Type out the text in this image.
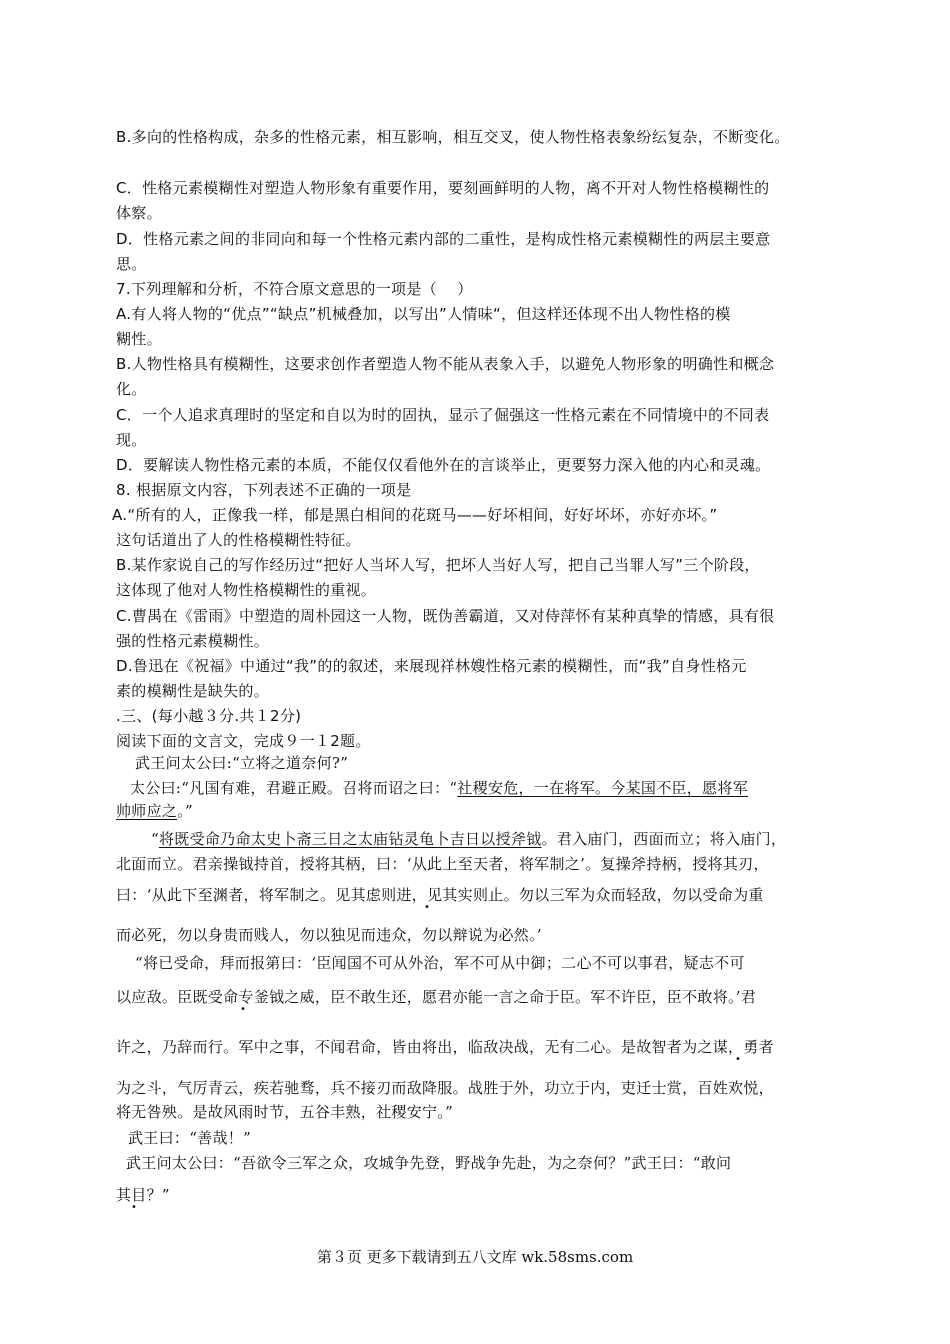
B.多向的性格构成，杂多的性格元素，相互影响，相互交叉，使人物性格表象纷纭复杂，不断变化。
C．性格元素模糊性对塑造人物形象有重要作用，要刻画鲜明的人物，离不开对人物性格模糊性的
体察。
D．性格元素之间的非同向和每一个性格元素内部的二重性，是构成性格元素模糊性的两层主要意
思。
7.下列理解和分析，不符合原文意思的一项是（　 ）
A.有人将人物的“优点”“缺点”机械叠加，以写出”人情味“，但这样还体现不出人物性格的模
糊性。
B.人物性格具有模糊性，这要求创作者塑造人物不能从表象入手，以避免人物形象的明确性和概念
化。
C．一个人追求真理时的坚定和自以为时的固执，显示了倔强这一性格元素在不同情境中的不同表
现。
D．要解读人物性格元素的本质，不能仅仅看他外在的言谈举止，更要努力深入他的内心和灵魂。
8. 根据原文内容，下列表述不正确的一项是
A.“所有的人，正像我一样，郁是黑白相间的花斑马——好坏相间，好好坏坏，亦好亦坏。”
这句话道出了人的性格模糊性特征。
B.某作家说自己的写作经历过“把好人当坏人写，把坏人当好人写，把自己当罪人写”三个阶段，
这体现了他对人物性格模糊性的重视。
C.曹禺在《雷雨》中塑造的周朴园这一人物，既伪善霸道，又对侍萍怀有某种真挚的情感，具有很
强的性格元素模糊性。
D.鲁迅在《祝福》中通过“我”的的叙述，来展现祥林嫂性格元素的模糊性，而“我”自身性格元
素的模糊性是缺失的。
.三、(每小越３分.共１2分)
阅读下面的文言文，完成９一１2题。
武王问太公曰:“立将之道奈何?”
太公曰:“凡国有难，君避正殿。召将而诏之曰：“社稷安危，一在将军。今某国不臣，愿将军
帅师应之。”
“将既受命乃命太史卜斋三日之太庙钻灵龟卜吉日以授斧钺。君入庙门，西面而立；将入庙门，
北面而立。君亲操钺持首，授将其柄，曰：‘从此上至天者，将军制之’。复操斧持柄，授将其刃，
曰：‘从此下至渊者，将军制之。见其虑则进，见其实则止。勿以三军为众而轻敌，勿以受命为重
•
而必死，勿以身贵而贱人，勿以独见而违众，勿以辩说为必然。’
“将已受命，拜而报第曰：‘臣闻国不可从外治，军不可从中御；二心不可以事君，疑志不可
以应敌。臣既受命专釜钺之威，臣不敢生还，愿君亦能一言之命于臣。军不许臣，臣不敢将。’君
•
许之，乃辞而行。军中之事，不闻君命，皆由将出，临敌决战，无有二心。是故智者为之谋，勇者
•
为之斗，气厉青云，疾若驰骛，兵不接刃而敌降服。战胜于外，功立于内，吏迁士赏，百姓欢悦，
将无咎殃。是故风雨时节，五谷丰熟，社稷安宁。”
武王曰：“善哉！”
武王问太公曰：“吾欲令三军之众，攻城争先登，野战争先赴，为之奈何？”武王曰：“敢问
其目？”
•
第３页 更多下载请到五八文库 wk.58sms.com
